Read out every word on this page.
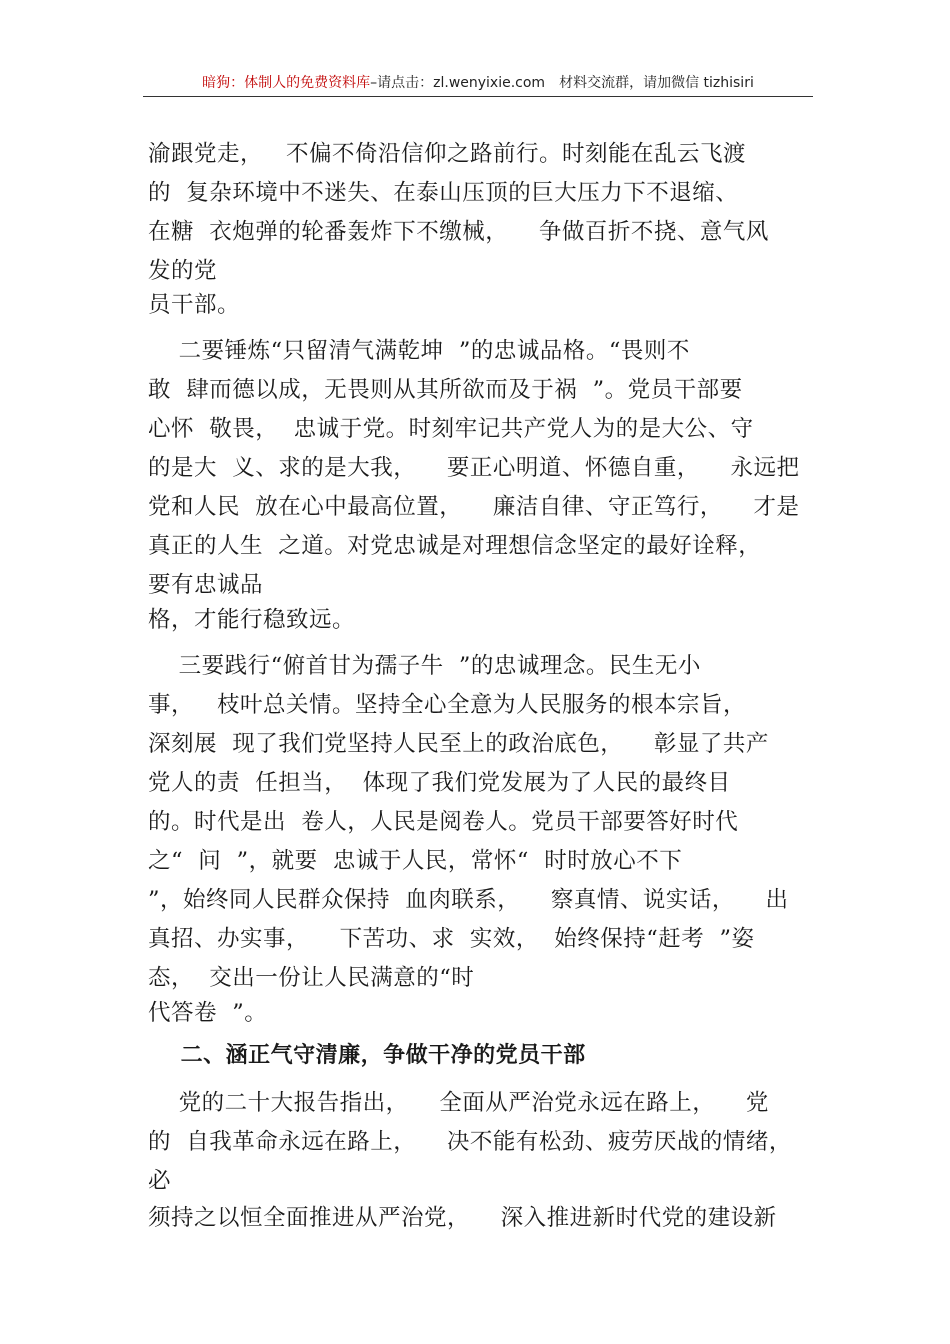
暗狗：体制人的免费资料库–请点击：zl.wenyixie.com 材料交流群，请加微信 tizhisiri
渝跟党走，   不偏不倚沿信仰之路前行。时刻能在乱云飞渡
的  复杂环境中不迷失、在泰山压顶的巨大压力下不退缩、
在糖  衣炮弹的轮番轰炸下不缴械，    争做百折不挠、意气风
发的党
员干部。
二要锤炼“只留清气满乾坤  ”的忠诚品格。“畏则不
敢  肆而德以成，无畏则从其所欲而及于祸  ”。党员干部要
心怀  敬畏，  忠诚于党。时刻牢记共产党人为的是大公、守
的是大  义、求的是大我，    要正心明道、怀德自重，    永远把
党和人民  放在心中最高位置，    廉洁自律、守正笃行，    才是
真正的人生  之道。对党忠诚是对理想信念坚定的最好诠释，
要有忠诚品
格，才能行稳致远。
三要践行“俯首甘为孺子牛  ”的忠诚理念。民生无小
事，   枝叶总关情。坚持全心全意为人民服务的根本宗旨，
深刻展  现了我们党坚持人民至上的政治底色，    彰显了共产
党人的责  任担当，  体现了我们党发展为了人民的最终目
的。时代是出  卷人，人民是阅卷人。党员干部要答好时代
之“  问  ”，就要  忠诚于人民，常怀“  时时放心不下
”，始终同人民群众保持  血肉联系，    察真情、说实话，    出
真招、办实事，    下苦功、求  实效，  始终保持“赶考  ”姿
态，  交出一份让人民满意的“时
代答卷  ”。
二、涵正气守清廉，争做干净的党员干部
党的二十大报告指出，    全面从严治党永远在路上，    党
的  自我革命永远在路上，    决不能有松劲、疲劳厌战的情绪，
必
须持之以恒全面推进从严治党，    深入推进新时代党的建设新
